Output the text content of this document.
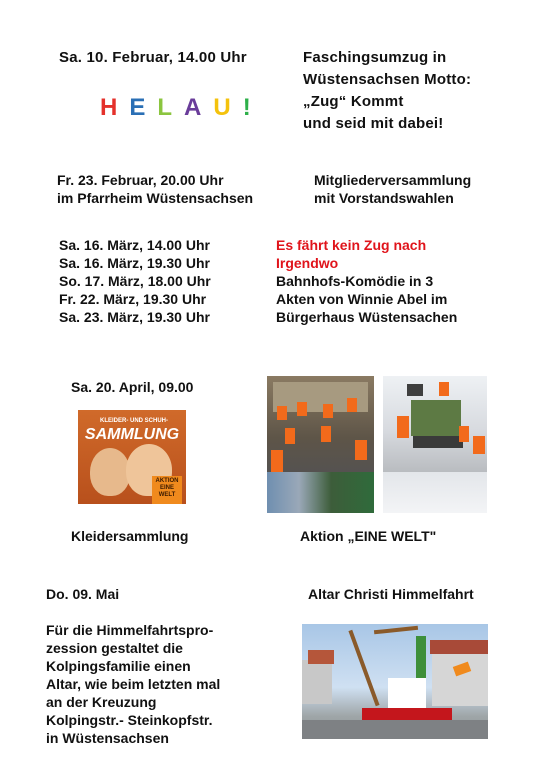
Sa. 10. Februar, 14.00 Uhr	Faschingsumzug in
Wüstensachsen Motto:
„Zug“ Kommt
und seid mit dabei!
HELAU!
Fr. 23. Februar, 20.00 Uhr
im Pfarrheim Wüstensachsen
Mitgliederversammlung
mit Vorstandswahlen
Sa. 16. März, 14.00 Uhr
Sa. 16. März, 19.30 Uhr
So. 17. März, 18.00 Uhr
Fr. 22. März, 19.30 Uhr
Sa. 23. März, 19.30 Uhr
Es fährt kein Zug nach
Irgendwo
Bahnhofs-Komödie in 3
Akten von Winnie Abel im
Bürgerhaus Wüstensachen
Sa. 20. April, 09.00
KLEIDER- UND SCHUH-
SAMMLUNG
AKTION
EINE
WELT
Kleidersammlung	Aktion „EINE WELT"
Do. 09. Mai	Altar Christi Himmelfahrt
Für die Himmelfahrtspro-
zession gestaltet die
Kolpingsfamilie einen
Altar, wie beim letzten mal
an der Kreuzung
Kolpingstr.- Steinkopfstr.
in Wüstensachsen
